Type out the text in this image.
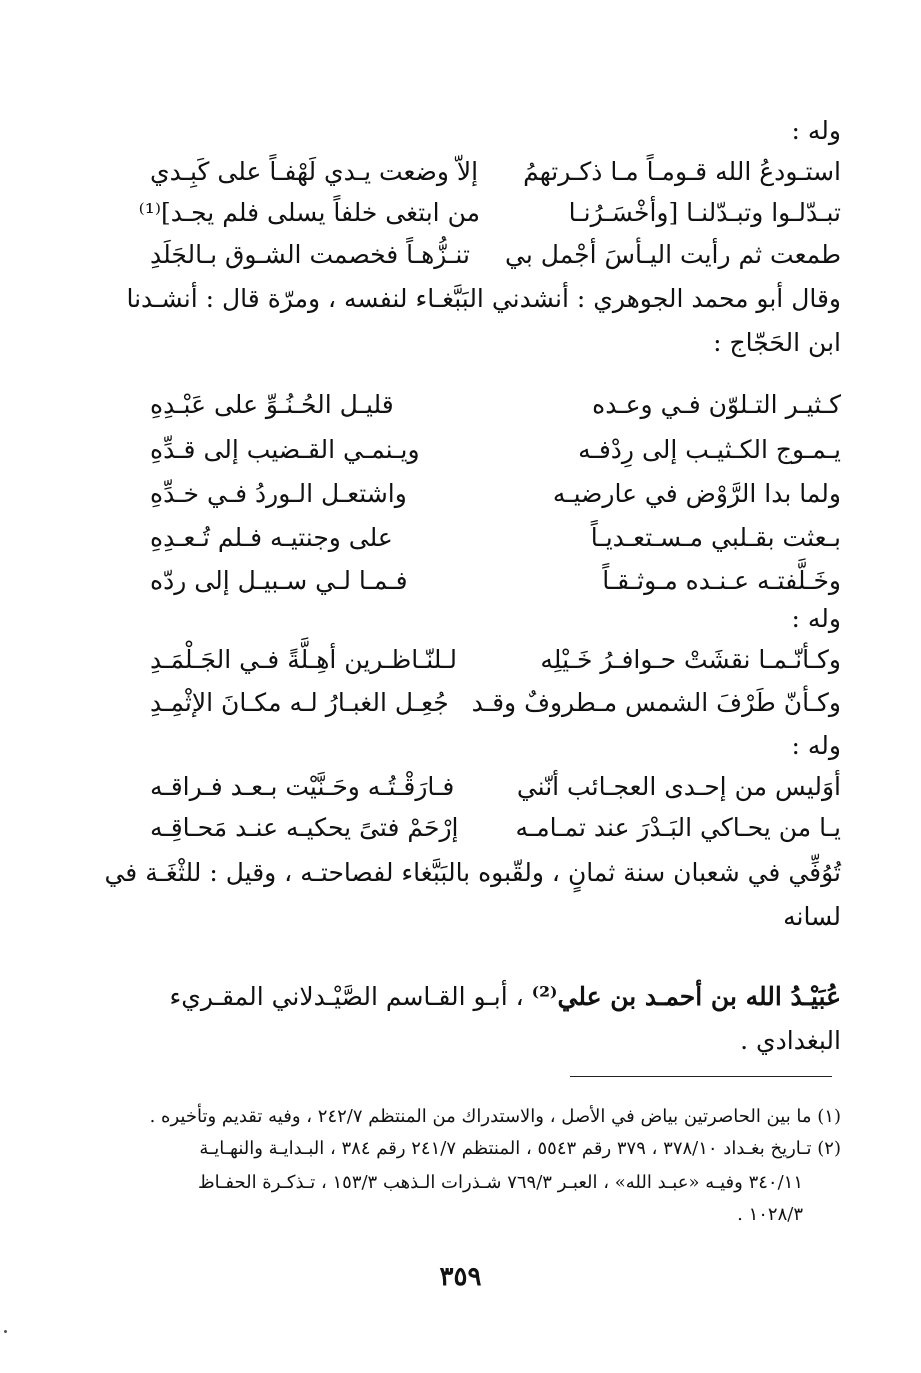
وله :
استـودعُ الله قـومـاً مـا ذكـرتهمُ
إلاّ وضعت يـدي لَهْفـاً على كَبِـدي
تبـدّلـوا وتبـدّلنـا [وأخْسَـرُنـا
من ابتغى خلفاً يسلى فلم يجـد]⁽¹⁾
طمعت ثم رأيت اليـأسَ أجْمل بي
تنـزُّهـاً فخصمت الشـوق بـالجَلَدِ
وقال أبو محمد الجوهري : أنشدني البَبَّغـاء لنفسه ، ومرّة قال : أنشـدنا
ابن الحَجّاج :
كـثيـر التـلوّن فـي وعـده
قليـل الحُـنُـوِّ على عَبْـدِهِ
يـمـوج الكـثيـب إلى رِدْفـه
ويـنمـي القـضيب إلى قـدِّهِ
ولما بدا الرَّوْض في عارضيـه
واشتعـل الـوردُ فـي خـدِّهِ
بـعثت بقـلبي مـسـتعـديـاً
على وجنتيـه فـلم تُـعـدِهِ
وخَـلَّفتـه عـنـده مـوثـقـاً
فـمـا لـي سـبيـل إلى ردّه
وله :
وكـأنّـمـا نقشَتْ حـوافـرُ خَـيْلِه
لـلنّـاظـرين أهِـلَّةً فـي الجَـلْمَـدِ
وكـأنّ طَرْفَ الشمس مـطروفٌ وقـد
جُعِـل الغبـارُ لـه مكـانَ الإثْمِـدِ
وله :
أوَليس من إحـدى العجـائب أنّني
فـارَقْـتُـه وحَـنَّيْت بـعـد فـراقـه
يـا من يحـاكي البَـدْرَ عند تمـامـه
إرْحَمْ فتىً يحكيـه عنـد مَحـاقِـه
تُوُفِّي في شعبان سنة ثمانٍ ، ولقّبوه بالبَبَّغاء لفصاحتـه ، وقيل : للثْغَـة في
لسانه
عُبَيْـدُ الله بن أحمـد بن علي⁽²⁾ ، أبـو القـاسم الصَّيْـدلاني المقـريء
البغدادي .
(١) ما بين الحاصرتين بياض في الأصل ، والاستدراك من المنتظم ٢٤٢/٧ ، وفيه تقديم وتأخيره .
(٢) تـاريخ بغـداد ٣٧٨/١٠ ، ٣٧٩ رقم ٥٥٤٣ ، المنتظم ٢٤١/٧ رقم ٣٨٤ ، البـدايـة والنهـايـة
٣٤٠/١١ وفيـه «عبـد الله» ، العبـر ٧٦٩/٣ شـذرات الـذهب ١٥٣/٣ ، تـذكـرة الحفـاظ
١٠٢٨/٣ .
٣٥٩
